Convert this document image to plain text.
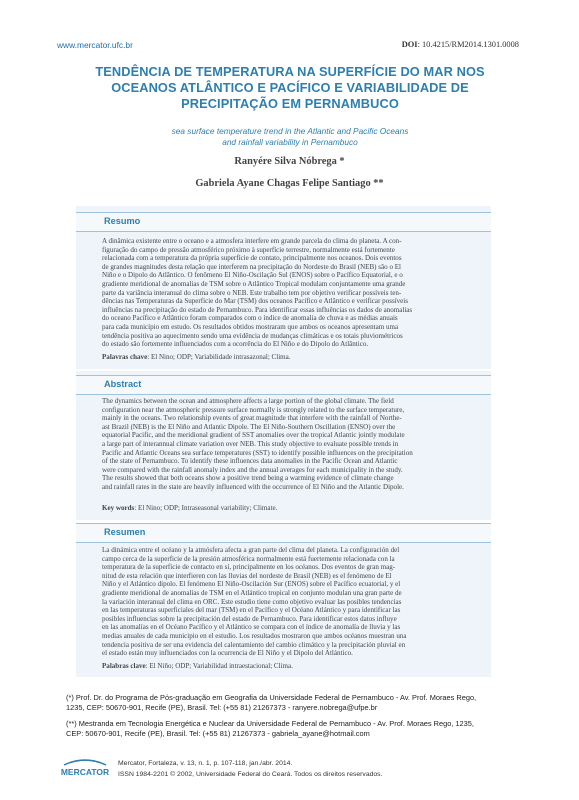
www.mercator.ufc.br	DOI: 10.4215/RM2014.1301.0008
TENDÊNCIA DE TEMPERATURA NA SUPERFÍCIE DO MAR NOS
OCEANOS ATLÂNTICO E PACÍFICO E VARIABILIDADE DE
PRECIPITAÇÃO EM PERNAMBUCO
sea surface temperature trend in the Atlantic and Pacific Oceans
and rainfall variability in Pernambuco
Ranyére Silva Nóbrega *
Gabriela Ayane Chagas Felipe Santiago **
Resumo
A dinâmica existente entre o oceano e a atmosfera interfere em grande parcela do clima do planeta. A con-
figuração do campo de pressão atmosférico próximo à superfície terrestre, normalmente está fortemente
relacionada com a temperatura da própria superfície de contato, principalmente nos oceanos. Dois eventos
de grandes magnitudes desta relação que interferem na precipitação do Nordeste do Brasil (NEB) são o El
Niño e o Dipolo do Atlântico. O fenômeno El Niño-Oscilação Sul (ENOS) sobre o Pacífico Equatorial, e o
gradiente meridional de anomalias de TSM sobre o Atlântico Tropical modulam conjuntamente uma grande
parte da variância interanual do clima sobre o NEB. Este trabalho tem por objetivo verificar possíveis ten-
dências nas Temperaturas da Superfície do Mar (TSM) dos oceanos Pacífico e Atlântico e verificar possíveis
influências na precipitação do estado de Pernambuco. Para identificar essas influências os dados de anomalias
do oceano Pacífico e Atlântico foram comparados com o índice de anomalia de chuva e as médias anuais
para cada município em estudo. Os resultados obtidos mostraram que ambos os oceanos apresentam uma
tendência positiva ao aquecimento sendo uma evidência de mudanças climáticas e os totais pluviométricos
do estado são fortemente influenciados com a ocorrência do El Niño e do Dipolo do Atlântico.
Palavras chave: El Nino; ODP; Variabilidade intrasazonal; Clima.
Abstract
The dynamics between the ocean and atmosphere affects a large portion of the global climate. The field
configuration near the atmospheric pressure surface normally is strongly related to the surface temperature,
mainly in the oceans. Two relationship events of great magnitude that interfere with the rainfall of Northe-
ast Brazil (NEB) is the El Niño and Atlantic Dipole. The El Niño-Southern Oscillation (ENSO) over the
equatorial Pacific, and the meridional gradient of SST anomalies over the tropical Atlantic jointly modulate
a large part of interannual climate variation over NEB. This study objective to evaluate possible trends in
Pacific and Atlantic Oceans sea surface temperatures (SST) to identify possible influences on the precipitation
of the state of Pernambuco. To identify these influences data anomalies in the Pacific Ocean and Atlantic
were compared with the rainfall anomaly index and the annual averages for each municipality in the study.
The results showed that both oceans show a positive trend being a warming evidence of climate change
and rainfall rates in the state are heavily influenced with the occurrence of El Niño and the Atlantic Dipole.
Key words: El Nino; ODP; Intraseasonal variability; Climate.
Resumen
La dinámica entre el océano y la atmósfera afecta a gran parte del clima del planeta. La configuración del
campo cerca de la superficie de la presión atmosférica normalmente está fuertemente relacionada con la
temperatura de la superficie de contacto en sí, principalmente en los océanos. Dos eventos de gran mag-
nitud de esta relación que interfieren con las lluvias del nordeste de Brasil (NEB) es el fenómeno de El
Niño y el Atlántico dipolo. El fenómeno El Niño-Oscilación Sur (ENOS) sobre el Pacífico ecuatorial, y el
gradiente meridional de anomalías de TSM en el Atlántico tropical en conjunto modulan una gran parte de
la variación interanual del clima en ORC. Este estudio tiene como objetivo evaluar las posibles tendencias
en las temperaturas superficiales del mar (TSM) en el Pacífico y el Océano Atlántico y para identificar las
posibles influencias sobre la precipitación del estado de Pernambuco. Para identificar estos datos influye
en las anomalías en el Océano Pacífico y el Atlántico se compara con el índice de anomalía de lluvia y las
medias anuales de cada municipio en el estudio. Los resultados mostraron que ambos océanos muestran una
tendencia positiva de ser una evidencia del calentamiento del cambio climático y la precipitación pluvial en
el estado están muy influenciados con la ocurrencia de El Niño y el Dipolo del Atlántico.
Palabras clave: El Niño; ODP; Variabilidad intraestacional; Clima.
(*) Prof. Dr. do Programa de Pós-graduação em Geografia da Universidade Federal de Pernambuco - Av. Prof. Moraes Rego,
1235, CEP: 50670-901, Recife (PE), Brasil. Tel: (+55 81) 21267373 - ranyere.nobrega@ufpe.br
(**) Mestranda em Tecnologia Energética e Nuclear da Universidade Federal de Pernambuco - Av. Prof. Moraes Rego, 1235,
CEP: 50670-901, Recife (PE), Brasil. Tel: (+55 81) 21267373 - gabriela_ayane@hotmail.com
MERCATOR
Mercator, Fortaleza, v. 13, n. 1, p. 107-118, jan./abr. 2014.
ISSN 1984-2201 © 2002, Universidade Federal do Ceará. Todos os direitos reservados.
